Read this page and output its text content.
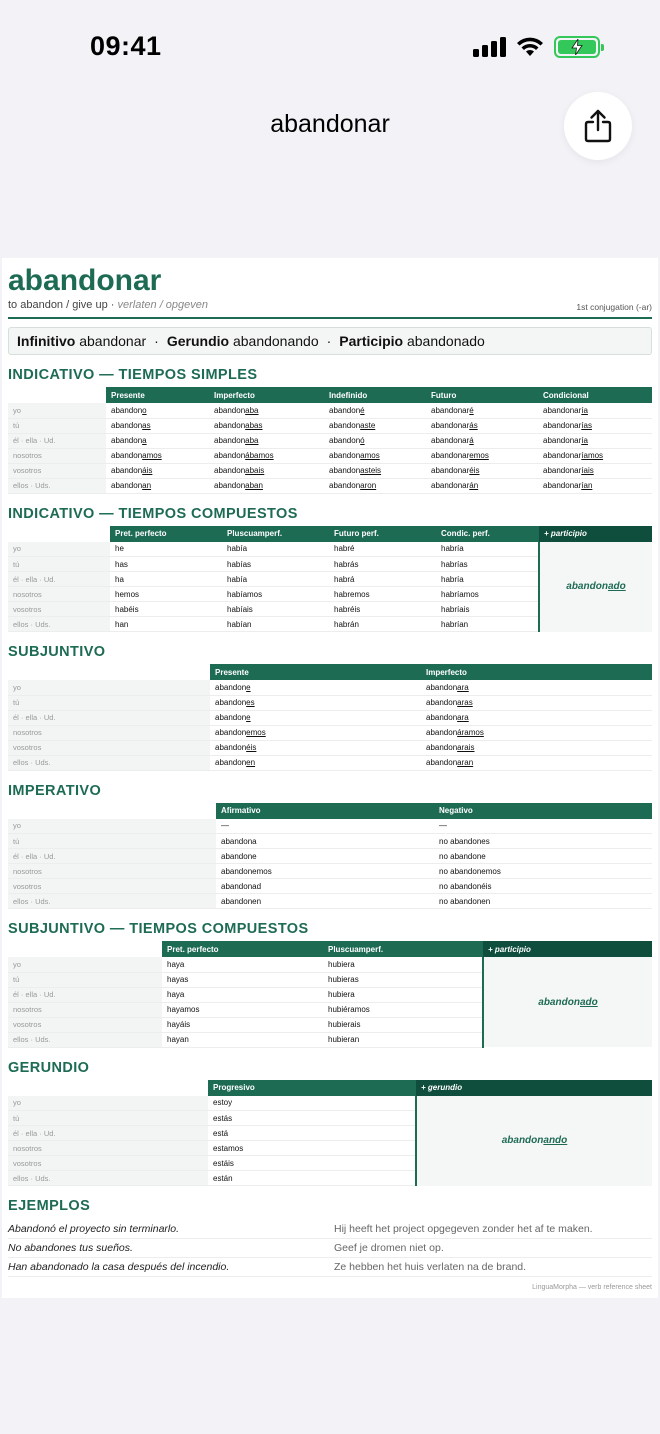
09:41
abandonar
abandonar
to abandon / give up · verlaten / opgeven	1st conjugation (-ar)
Infinitivo
abandonar · Gerundio
abandonando · Participio
abandonado
INDICATIVO — TIEMPOS SIMPLES
	Presente	Imperfecto	Indefinido	Futuro	Condicional
yo	abandono	abandonaba	abandoné	abandonaré	abandonaría
tú	abandonas	abandonabas	abandonaste	abandonarás	abandonarías
él · ella · Ud.	abandona	abandonaba	abandonó	abandonará	abandonaría
nosotros	abandonamos	abandonábamos	abandonamos	abandonaremos	abandonaríamos
vosotros	abandonáis	abandonabais	abandonasteis	abandonaréis	abandonaríais
ellos · Uds.	abandonan	abandonaban	abandonaron	abandonarán	abandonarían
INDICATIVO — TIEMPOS COMPUESTOS
	Pret. perfecto	Pluscuamperf.	Futuro perf.	Condic. perf.	+ participio
yo	he	había	habré	habría	abandonado
tú	has	habías	habrás	habrías	
él · ella · Ud.	ha	había	habrá	habría	
nosotros	hemos	habíamos	habremos	habríamos	
vosotros	habéis	habíais	habréis	habríais	
ellos · Uds.	han	habían	habrán	habrían	
SUBJUNTIVO
	Presente	Imperfecto
yo	abandone	abandonara
tú	abandones	abandonaras
él · ella · Ud.	abandone	abandonara
nosotros	abandonemos	abandonáramos
vosotros	abandonéis	abandonarais
ellos · Uds.	abandonen	abandonaran
IMPERATIVO
	Afirmativo	Negativo
yo	—	—
tú	abandona	no abandones
él · ella · Ud.	abandone	no abandone
nosotros	abandonemos	no abandonemos
vosotros	abandonad	no abandonéis
ellos · Uds.	abandonen	no abandonen
SUBJUNTIVO — TIEMPOS COMPUESTOS
	Pret. perfecto	Pluscuamperf.	+ participio
yo	haya	hubiera	abandonado
tú	hayas	hubieras	
él · ella · Ud.	haya	hubiera	
nosotros	hayamos	hubiéramos	
vosotros	hayáis	hubierais	
ellos · Uds.	hayan	hubieran	
GERUNDIO
	Progresivo	+ gerundio
yo	estoy	abandonando
tú	estás	
él · ella · Ud.	está	
nosotros	estamos	
vosotros	estáis	
ellos · Uds.	están	
EJEMPLOS
Abandonó el proyecto sin terminarlo.	Hij heeft het project opgegeven zonder het af te maken.
No abandones tus sueños.	Geef je dromen niet op.
Han abandonado la casa después del incendio.	Ze hebben het huis verlaten na de brand.
LinguaMorpha — verb reference sheet
